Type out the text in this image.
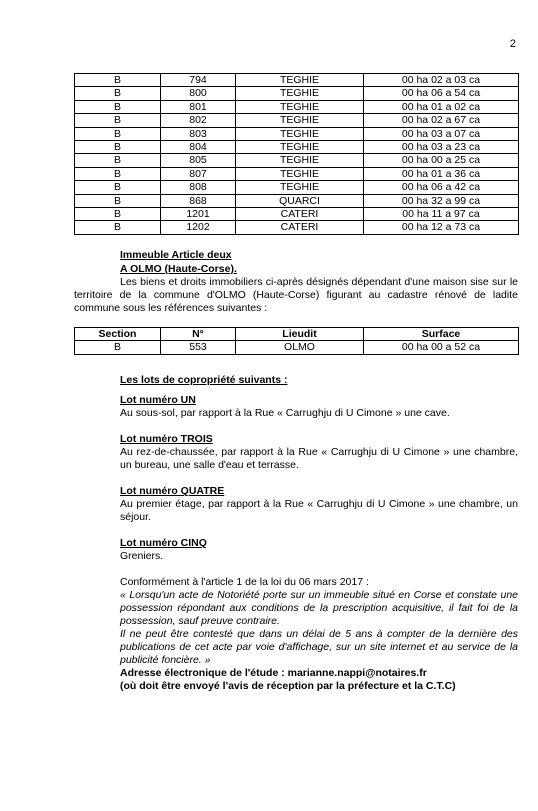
2
B	794	TEGHIE	00 ha 02 a 03 ca
B	800	TEGHIE	00 ha 06 a 54 ca
B	801	TEGHIE	00 ha 01 a 02 ca
B	802	TEGHIE	00 ha 02 a 67 ca
B	803	TEGHIE	00 ha 03 a 07 ca
B	804	TEGHIE	00 ha 03 a 23 ca
B	805	TEGHIE	00 ha 00 a 25 ca
B	807	TEGHIE	00 ha 01 a 36 ca
B	808	TEGHIE	00 ha 06 a 42 ca
B	868	QUARCI	00 ha 32 a 99 ca
B	1201	CATERI	00 ha 11 a 97 ca
B	1202	CATERI	00 ha 12 a 73 ca
Immeuble Article deux
A OLMO (Haute-Corse).
Les biens et droits immobiliers ci-après désignés dépendant d'une maison sise sur le territoire de la commune d'OLMO (Haute-Corse) figurant au cadastre rénové de ladite commune sous les références suivantes :
Section	N°	Lieudit	Surface
B	553	OLMO	00 ha 00 a 52 ca
Les lots de copropriété suivants :
Lot numéro UN
Au sous-sol, par rapport à la Rue « Carrughju di U Cimone » une cave.
Lot numéro TROIS
Au rez-de-chaussée, par rapport à la Rue « Carrughju di U Cimone » une chambre, un bureau, une salle d'eau et terrasse.
Lot numéro QUATRE
Au premier étage, par rapport à la Rue « Carrughju di U Cimone » une chambre, un séjour.
Lot numéro CINQ
Greniers.
Conformément à l'article 1 de la loi du 06 mars 2017 :
« Lorsqu'un acte de Notoriété porte sur un immeuble situé en Corse et constate une possession répondant aux conditions de la prescription acquisitive, il fait foi de la possession, sauf preuve contraire.
Il ne peut être contesté que dans un délai de 5 ans à compter de la dernière des publications de cet acte par voie d'affichage, sur un site internet et au service de la publicité foncière. »
Adresse électronique de l'étude : marianne.nappi@notaires.fr
(où doit être envoyé l'avis de réception par la préfecture et la C.T.C)
